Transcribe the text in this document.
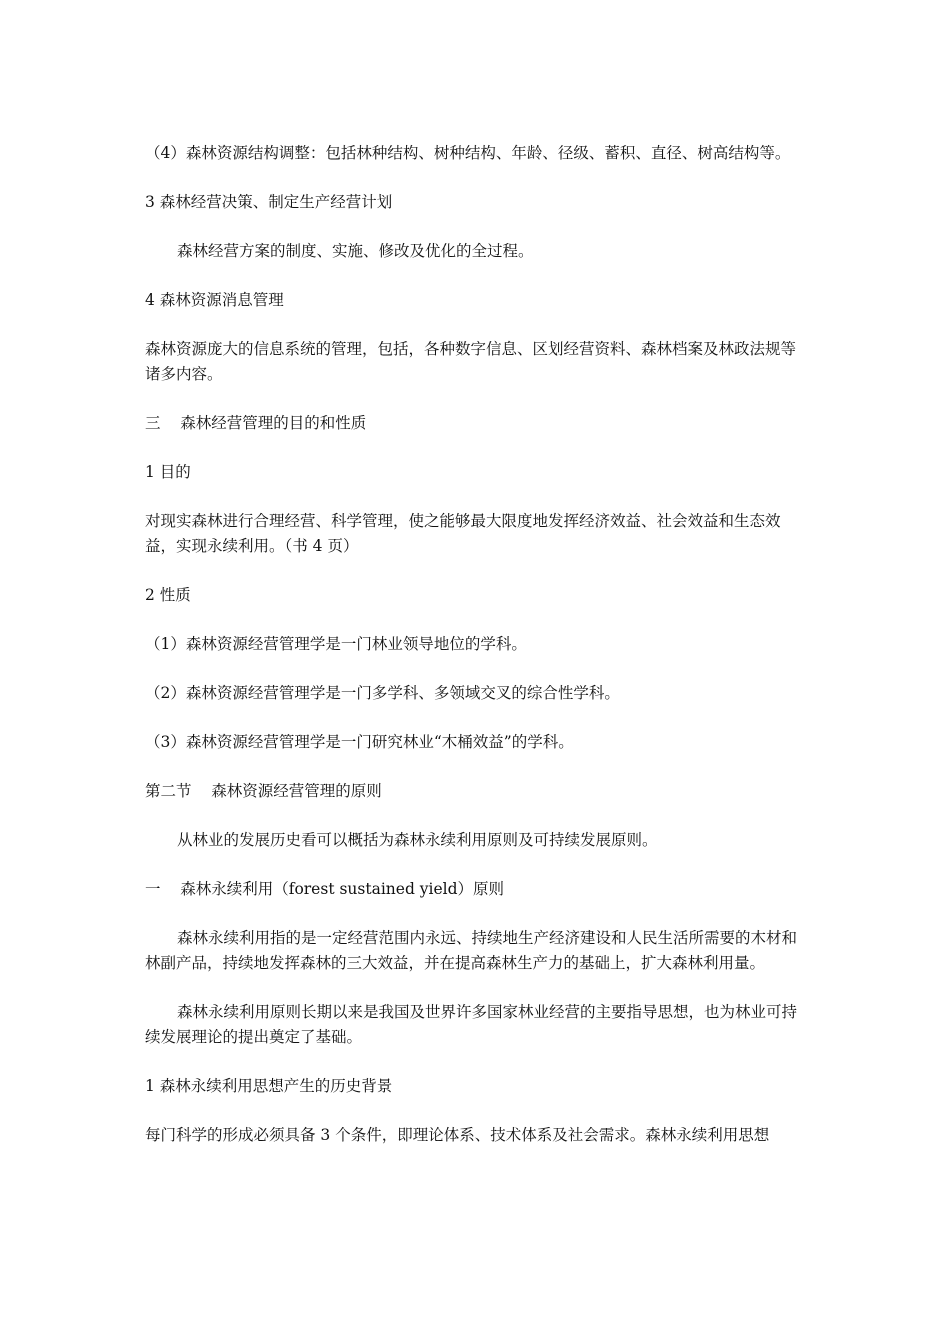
（4）森林资源结构调整：包括林种结构、树种结构、年龄、径级、蓄积、直径、树高结构等。

3 森林经营决策、制定生产经营计划

森林经营方案的制度、实施、修改及优化的全过程。

4 森林资源消息管理

森林资源庞大的信息系统的管理，包括，各种数字信息、区划经营资料、森林档案及林政法规等诸多内容。

三    森林经营管理的目的和性质

1 目的

对现实森林进行合理经营、科学管理，使之能够最大限度地发挥经济效益、社会效益和生态效益，实现永续利用。（书 4 页）

2 性质

（1）森林资源经营管理学是一门林业领导地位的学科。

（2）森林资源经营管理学是一门多学科、多领域交叉的综合性学科。

（3）森林资源经营管理学是一门研究林业“木桶效益”的学科。

第二节    森林资源经营管理的原则

从林业的发展历史看可以概括为森林永续利用原则及可持续发展原则。

一    森林永续利用（forest sustained yield）原则

森林永续利用指的是一定经营范围内永远、持续地生产经济建设和人民生活所需要的木材和林副产品，持续地发挥森林的三大效益，并在提高森林生产力的基础上，扩大森林利用量。

森林永续利用原则长期以来是我国及世界许多国家林业经营的主要指导思想，也为林业可持续发展理论的提出奠定了基础。

1 森林永续利用思想产生的历史背景

每门科学的形成必须具备 3 个条件，即理论体系、技术体系及社会需求。森林永续利用思想
